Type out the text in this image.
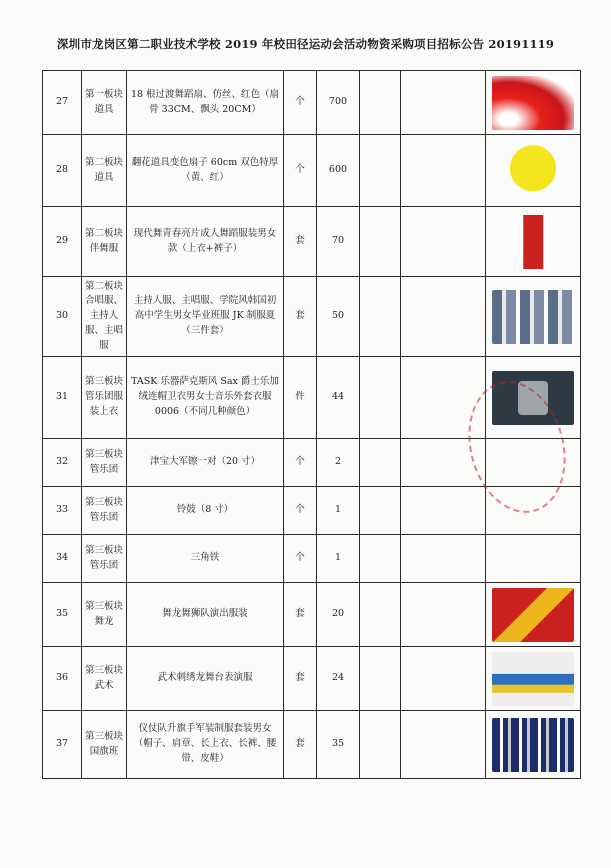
深圳市龙岗区第二职业技术学校 2019 年校田径运动会活动物资采购项目招标公告 20191119
27	第一板块道具	18 根过渡舞蹈扇、仿丝、红色（扇骨 33CM、飘头 20CM）	个	700			

28	第二板块道具	翻花道具变色扇子 60cm 双色特厚（黄、红）	个	600			

29	第二板块伴舞服	现代舞青春亮片成人舞蹈服装男女款（上衣+裤子）	套	70			

30	第二板块合唱服、主持人服、主唱服	主持人服、主唱服、学院风韩国初高中学生男女毕业班服 JK 制服夏（三件套）	套	50			

31	第三板块管乐团服装上衣	TASK 乐器萨克斯风 Sax 爵士乐加绒连帽卫衣男女士音乐外套衣服 0006（不同几种颜色）	件	44			

32	第三板块管乐团	津宝大军镲一对（20 寸）	个	2			
33	第三板块管乐团	铃鼓（8 寸）	个	1			
34	第三板块管乐团	三角铁	个	1			
35	第三板块舞龙	舞龙舞狮队演出服装	套	20			

36	第三板块武术	武术刺绣龙舞台表演服	套	24			

37	第三板块国旗班	仪仗队升旗手军装制服套装男女（帽子、肩章、长上衣、长裤、腰带、皮鞋）	套	35			
